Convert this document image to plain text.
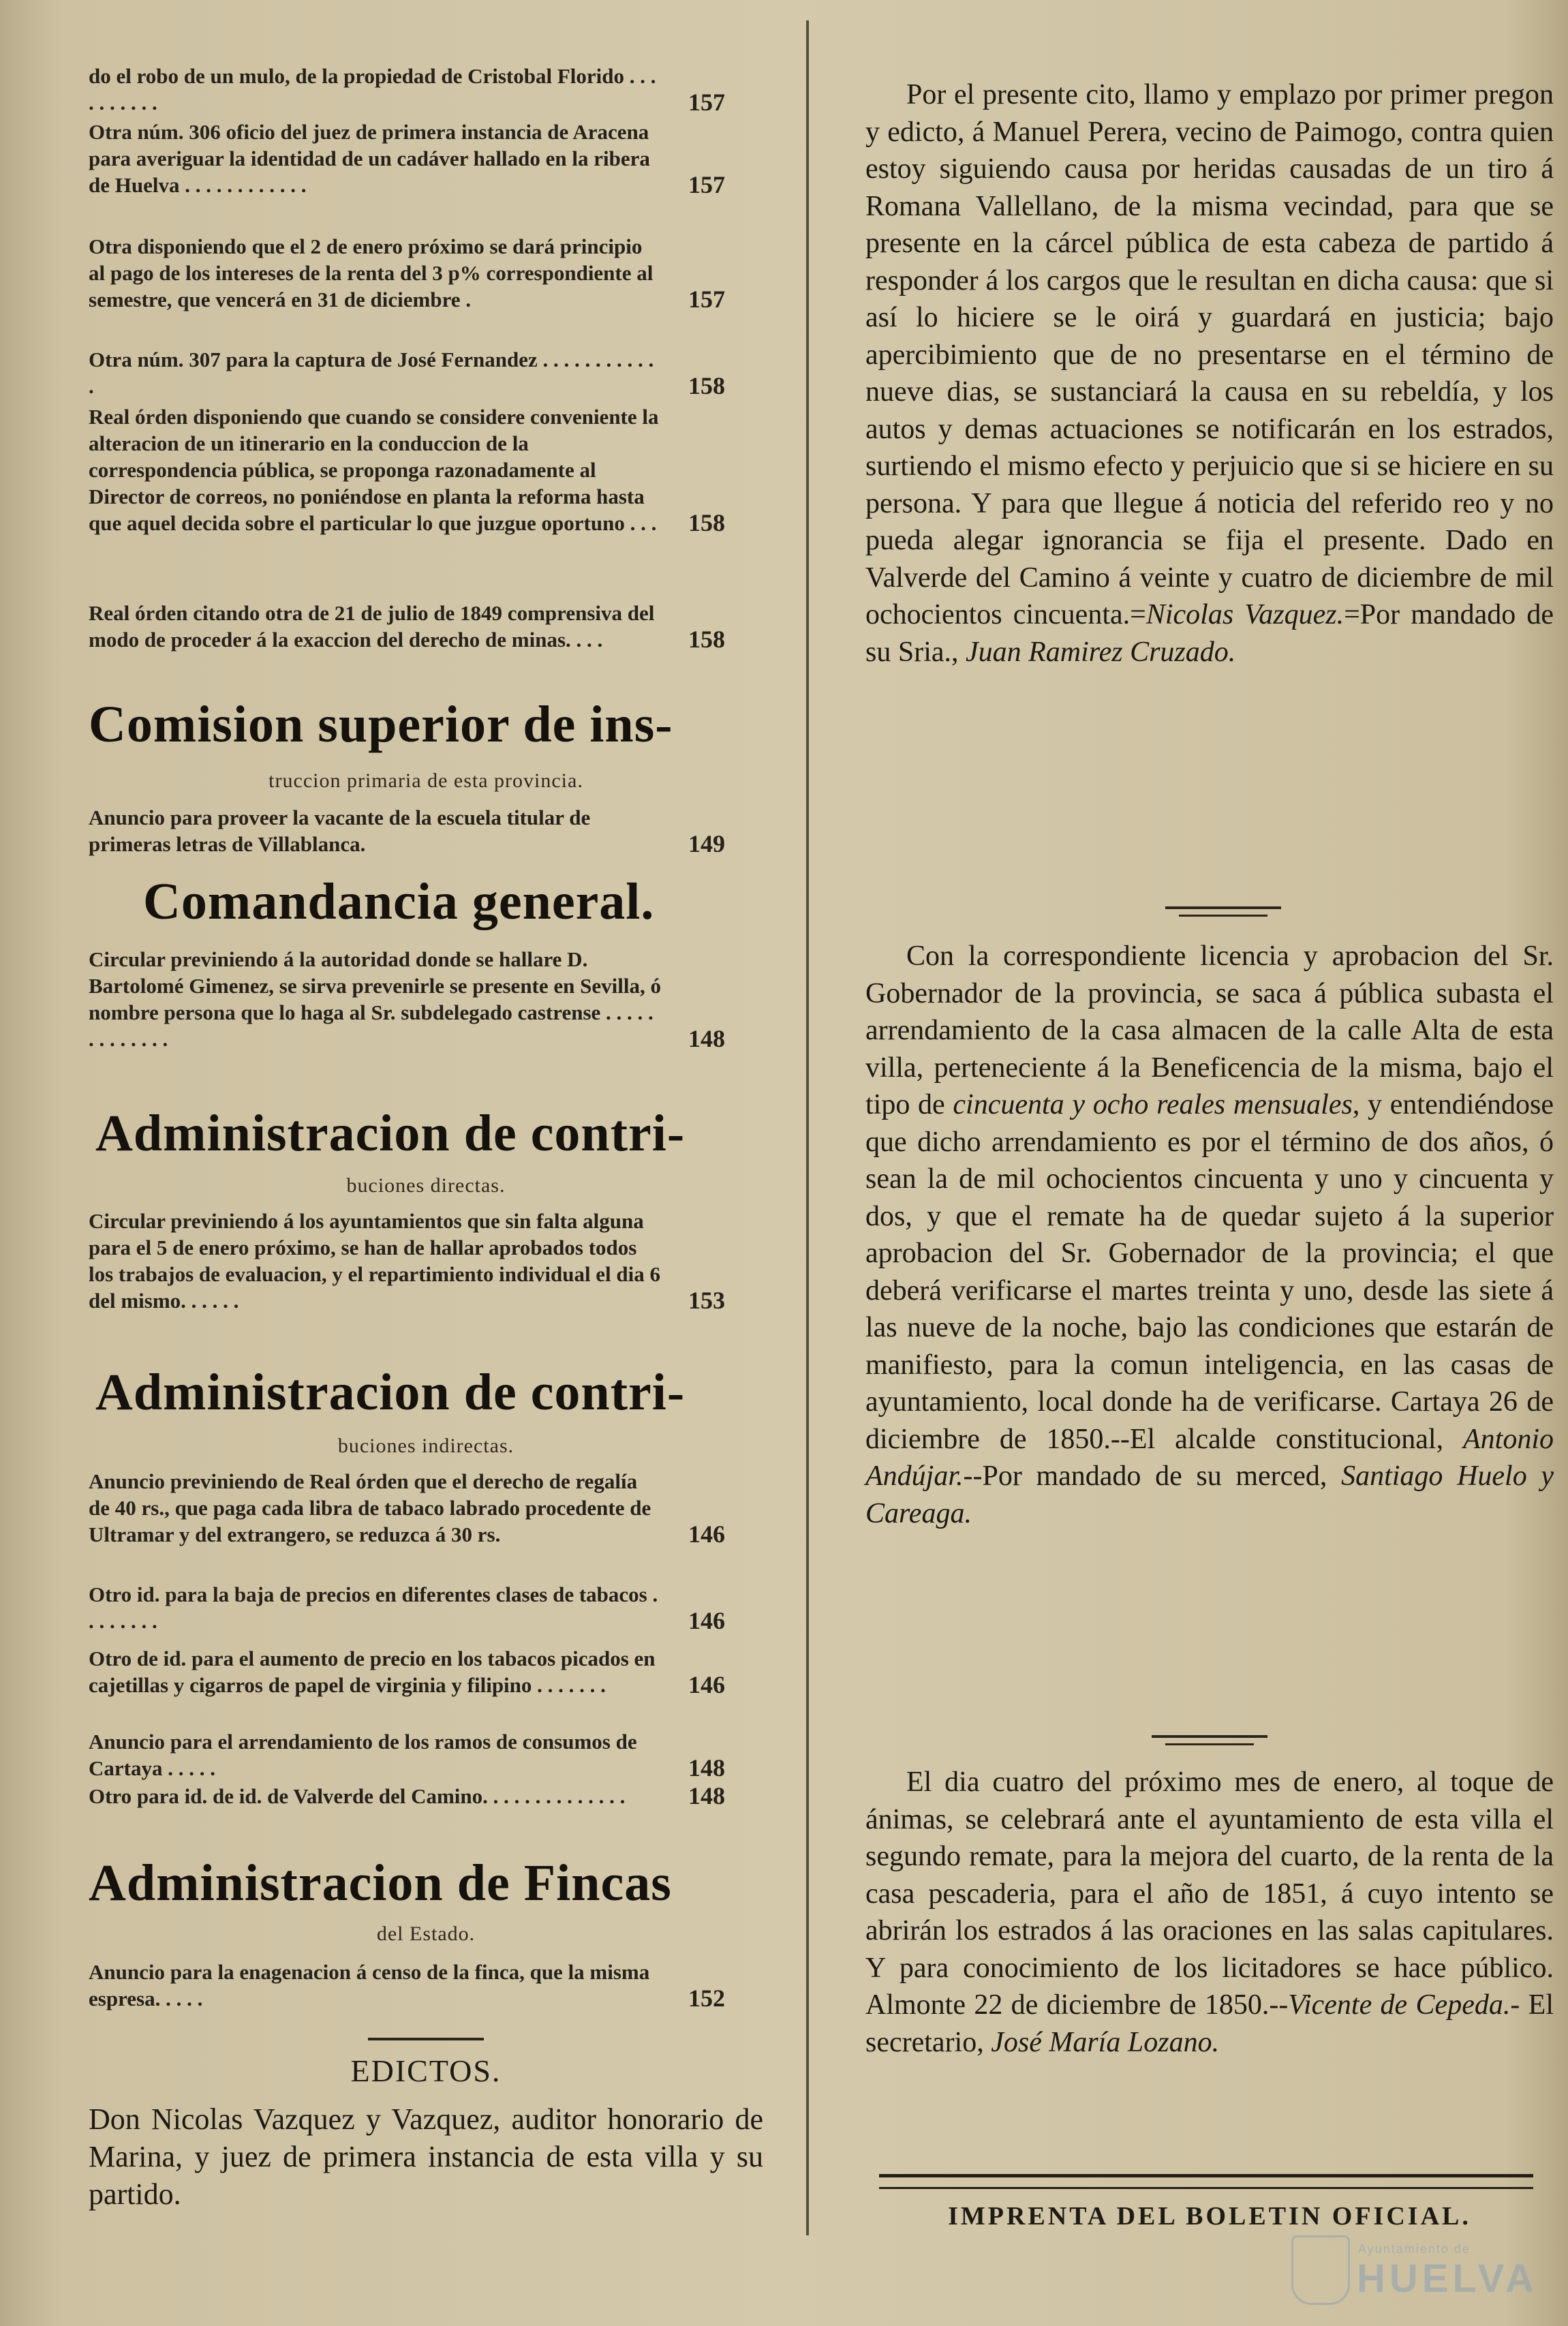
do el robo de un mulo, de la propiedad de Cristobal Florido . . . . . . . . . .	157
Otra núm. 306 oficio del juez de primera instancia de Aracena para averiguar la identidad de un cadáver hallado en la ribera de Huelva . . . . . . . . . . . .	157
Otra disponiendo que el 2 de enero próximo se dará principio al pago de los intereses de la renta del 3 p% correspondiente al semestre, que vencerá en 31 de diciembre .	157
Otra núm. 307 para la captura de José Fernandez . . . . . . . . . . . .	158
Real órden disponiendo que cuando se considere conveniente la alteracion de un itinerario en la conduccion de la correspondencia pública, se proponga razonadamente al Director de correos, no poniéndose en planta la reforma hasta que aquel decida sobre el particular lo que juzgue oportuno . . .	158
Real órden citando otra de 21 de julio de 1849 comprensiva del modo de proceder á la exaccion del derecho de minas. . . .	158
Comision superior de ins-
truccion primaria de esta provincia.
Anuncio para proveer la vacante de la escuela titular de primeras letras de Villablanca.	149
Comandancia general.
Circular previniendo á la autoridad donde se hallare D. Bartolomé Gimenez, se sirva prevenirle se presente en Sevilla, ó nombre persona que lo haga al Sr. subdelegado castrense . . . . . . . . . . . . .	148
Administracion de contri-
buciones directas.
Circular previniendo á los ayuntamientos que sin falta alguna para el 5 de enero próximo, se han de hallar aprobados todos los trabajos de evaluacion, y el repartimiento individual el dia 6 del mismo. . . . . .	153
Administracion de contri-
buciones indirectas.
Anuncio previniendo de Real órden que el derecho de regalía de 40 rs., que paga cada libra de tabaco labrado procedente de Ultramar y del extrangero, se reduzca á 30 rs.	146
Otro id. para la baja de precios en diferentes clases de tabacos . . . . . . . .	146
Otro de id. para el aumento de precio en los tabacos picados en cajetillas y cigarros de papel de virginia y filipino . . . . . . .	146
Anuncio para el arrendamiento de los ramos de consumos de Cartaya . . . . .	148
Otro para id. de id. de Valverde del Camino. . . . . . . . . . . . . .	148
Administracion de Fincas
del Estado.
Anuncio para la enagenacion á censo de la finca, que la misma espresa. . . . .	152
EDICTOS.
Don Nicolas Vazquez y Vazquez, auditor honorario de Marina, y juez de primera instancia de esta villa y su partido.
Por el presente cito, llamo y emplazo por primer pregon y edicto, á Manuel Perera, vecino de Paimogo, contra quien estoy siguiendo causa por heridas causadas de un tiro á Romana Vallellano, de la misma vecindad, para que se presente en la cárcel pública de esta cabeza de partido á responder á los cargos que le resultan en dicha causa: que si así lo hiciere se le oirá y guardará en justicia; bajo apercibimiento que de no presentarse en el término de nueve dias, se sustanciará la causa en su rebeldía, y los autos y demas actuaciones se notificarán en los estrados, surtiendo el mismo efecto y perjuicio que si se hiciere en su persona. Y para que llegue á noticia del referido reo y no pueda alegar ignorancia se fija el presente. Dado en Valverde del Camino á veinte y cuatro de diciembre de mil ochocientos cincuenta.=Nicolas Vazquez.=Por mandado de su Sria., Juan Ramirez Cruzado.
Con la correspondiente licencia y aprobacion del Sr. Gobernador de la provincia, se saca á pública subasta el arrendamiento de la casa almacen de la calle Alta de esta villa, perteneciente á la Beneficencia de la misma, bajo el tipo de cincuenta y ocho reales mensuales, y entendiéndose que dicho arrendamiento es por el término de dos años, ó sean la de mil ochocientos cincuenta y uno y cincuenta y dos, y que el remate ha de quedar sujeto á la superior aprobacion del Sr. Gobernador de la provincia; el que deberá verificarse el martes treinta y uno, desde las siete á las nueve de la noche, bajo las condiciones que estarán de manifiesto, para la comun inteligencia, en las casas de ayuntamiento, local donde ha de verificarse. Cartaya 26 de diciembre de 1850.--El alcalde constitucional, Antonio Andújar.--Por mandado de su merced, Santiago Huelo y Careaga.
El dia cuatro del próximo mes de enero, al toque de ánimas, se celebrará ante el ayuntamiento de esta villa el segundo remate, para la mejora del cuarto, de la renta de la casa pescaderia, para el año de 1851, á cuyo intento se abrirán los estrados á las oraciones en las salas capitulares. Y para conocimiento de los licitadores se hace público. Almonte 22 de diciembre de 1850.--Vicente de Cepeda.- El secretario, José María Lozano.
IMPRENTA DEL BOLETIN OFICIAL.
Ayuntamiento de
HUELVA
